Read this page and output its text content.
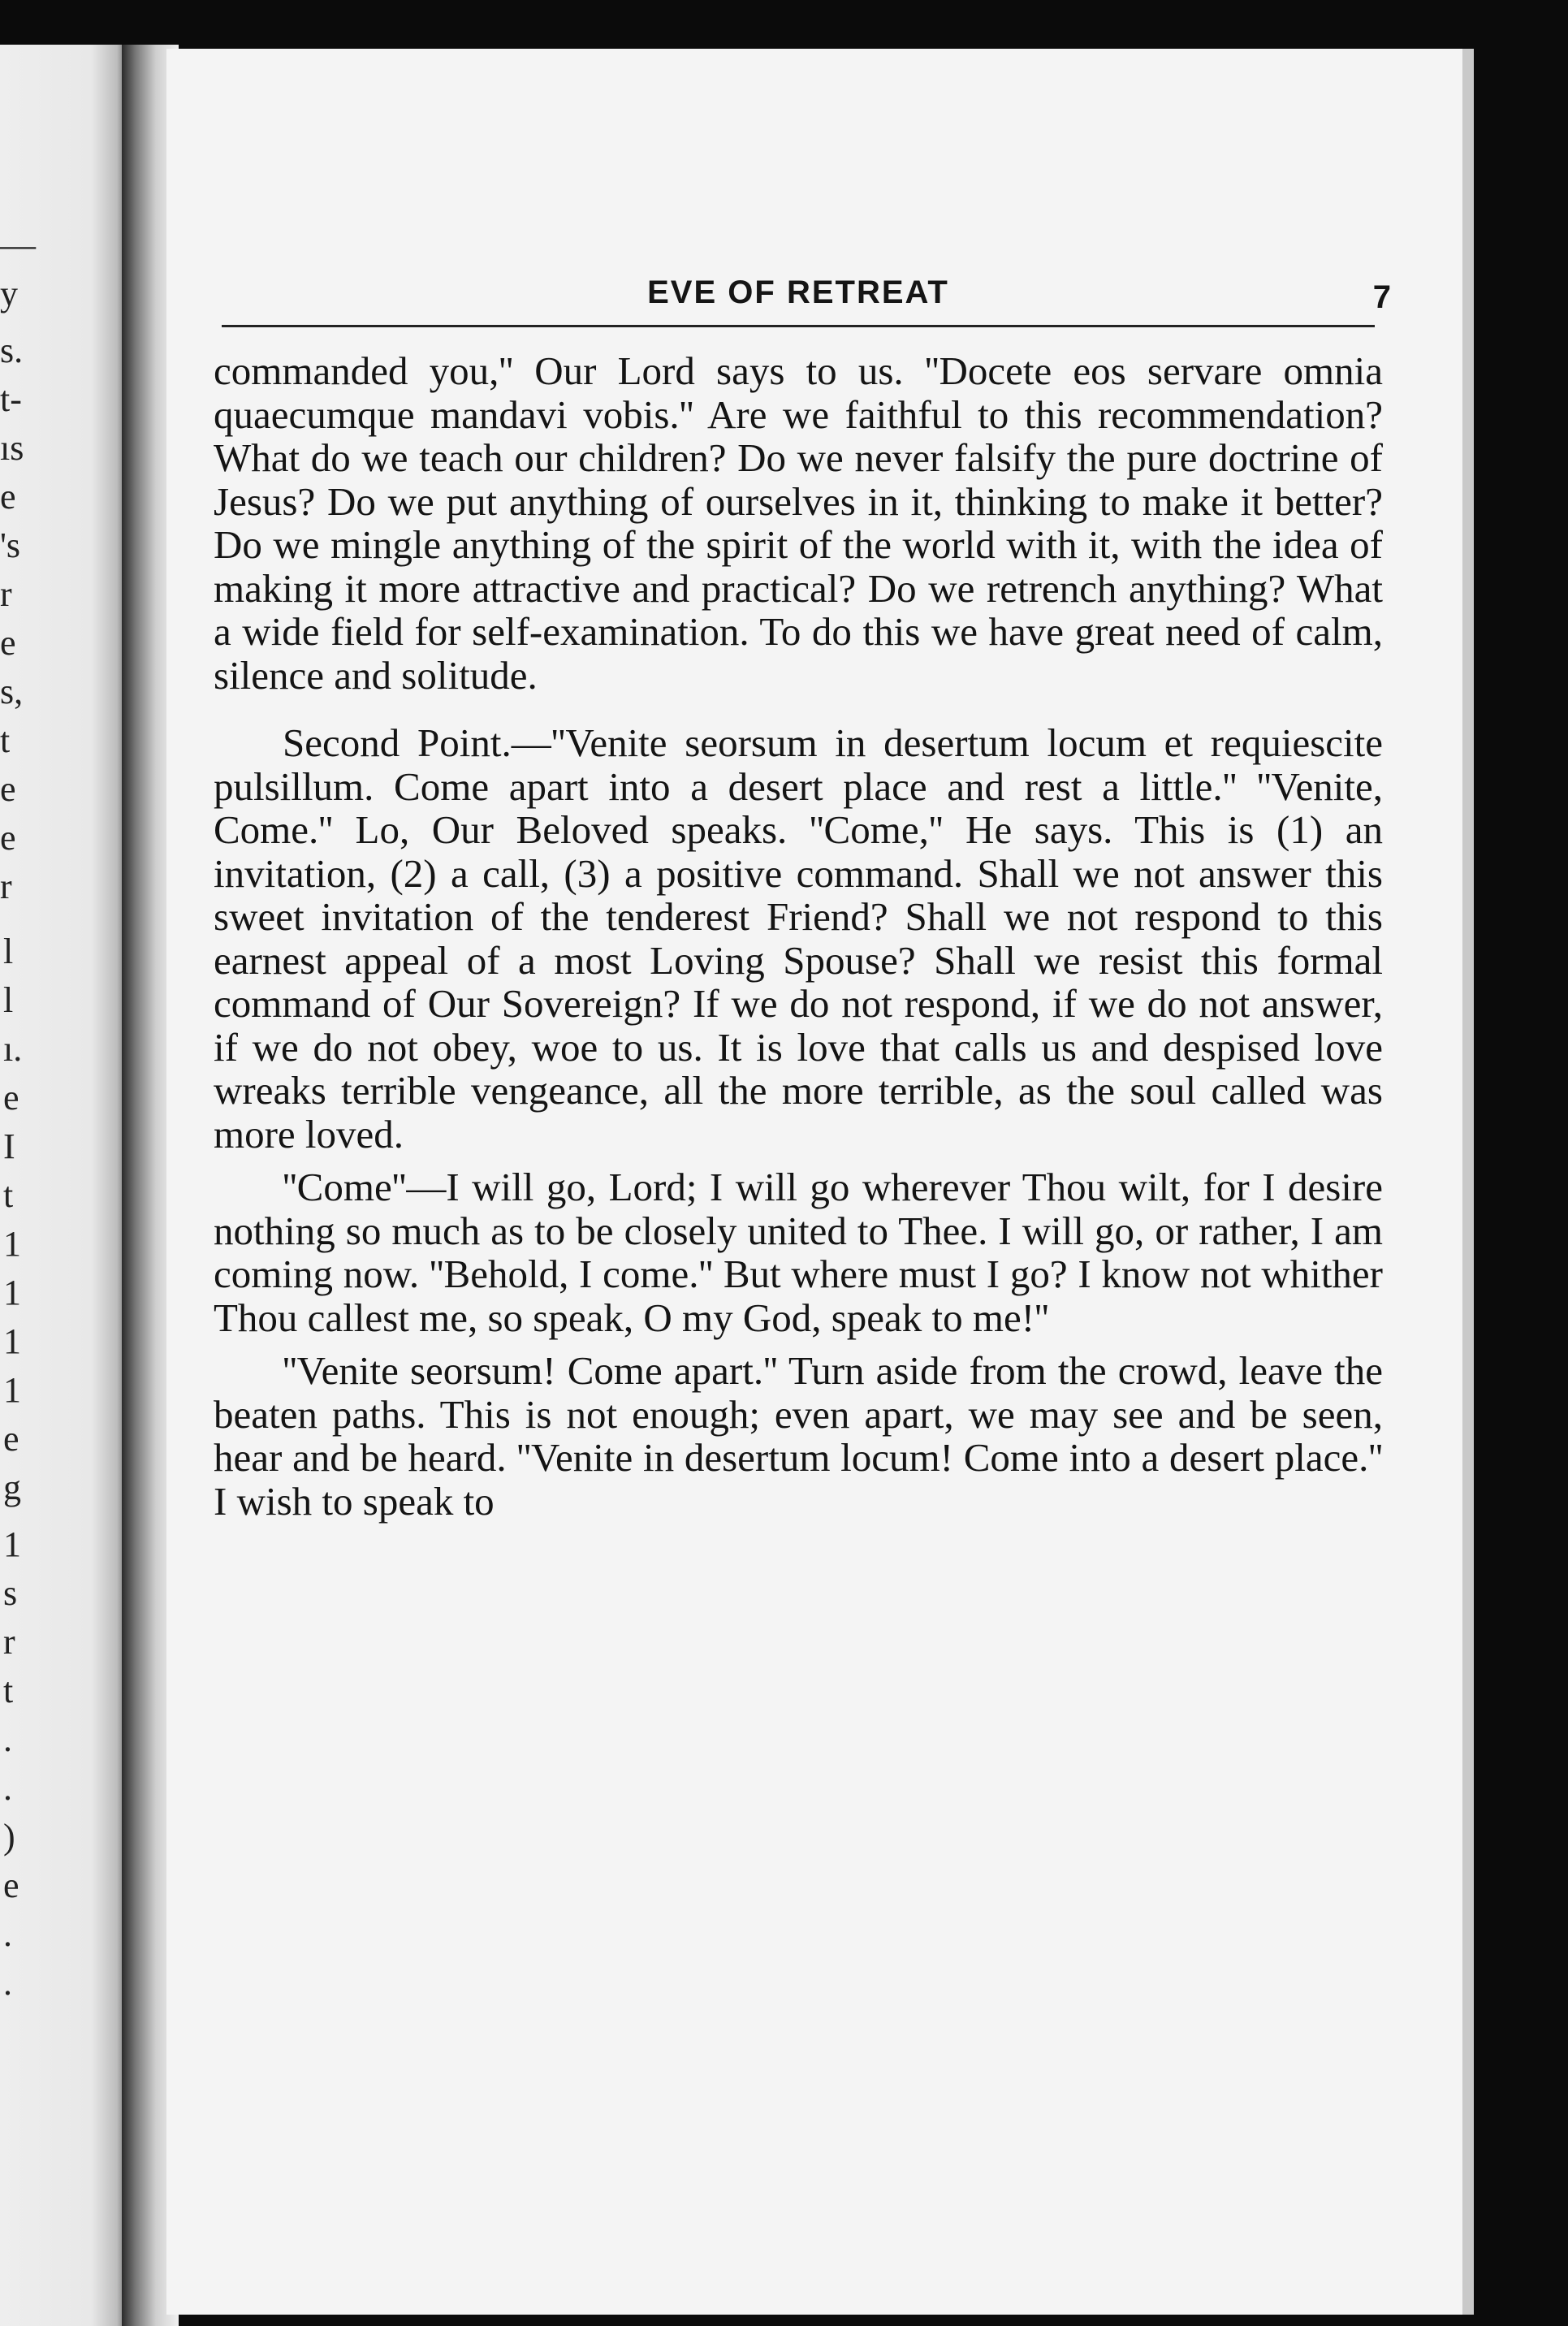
—
y
s.
t-
ıs
e
's
r
e
s,
t
e
e
r
l
l
ı.
e
I
t
1
1
1
1
e
g
1
s
r
t
.
.
)
e
.
.
EVE OF RETREAT	7

commanded you,'' Our Lord says to us. ''Docete eos servare omnia quaecumque mandavi vobis.'' Are we faithful to this recommendation? What do we teach our children? Do we never falsify the pure doctrine of Jesus? Do we put anything of ourselves in it, thinking to make it better? Do we mingle anything of the spirit of the world with it, with the idea of making it more attractive and practical? Do we retrench anything? What a wide field for self-examination. To do this we have great need of calm, silence and solitude.

Second Point.—''Venite seorsum in desertum locum et requiescite pulsillum. Come apart into a desert place and rest a little.'' ''Venite, Come.'' Lo, Our Beloved speaks. ''Come,'' He says. This is (1) an invitation, (2) a call, (3) a positive command. Shall we not answer this sweet invitation of the tenderest Friend? Shall we not respond to this earnest appeal of a most Loving Spouse? Shall we resist this formal command of Our Sovereign? If we do not respond, if we do not answer, if we do not obey, woe to us. It is love that calls us and despised love wreaks terrible vengeance, all the more terrible, as the soul called was more loved.

''Come''—I will go, Lord; I will go wherever Thou wilt, for I desire nothing so much as to be closely united to Thee. I will go, or rather, I am coming now. ''Behold, I come.'' But where must I go? I know not whither Thou callest me, so speak, O my God, speak to me!''

''Venite seorsum! Come apart.'' Turn aside from the crowd, leave the beaten paths. This is not enough; even apart, we may see and be seen, hear and be heard. ''Venite in desertum locum! Come into a desert place.'' I wish to speak to
